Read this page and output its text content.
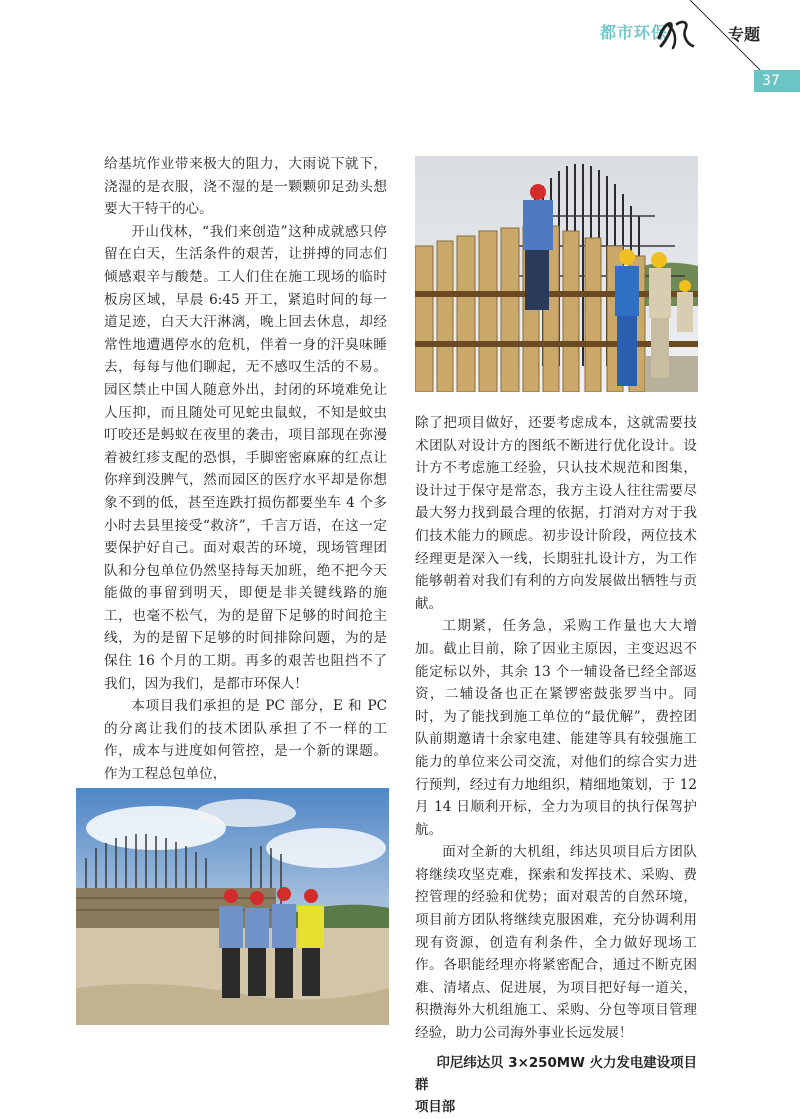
都市环保	专题
37

给基坑作业带来极大的阻力，大雨说下就下，浇湿的是衣服，浇不湿的是一颗颗卯足劲头想要大干特干的心。

开山伐林，“我们来创造”这种成就感只停留在白天，生活条件的艰苦，让拼搏的同志们倾感艰辛与酸楚。工人们住在施工现场的临时板房区域，早晨 6:45 开工，紧追时间的每一道足迹，白天大汗淋漓，晚上回去休息，却经常性地遭遇停水的危机，伴着一身的汗臭味睡去，每每与他们聊起，无不感叹生活的不易。园区禁止中国人随意外出，封闭的环境难免让人压抑，而且随处可见蛇虫鼠蚁，不知是蚊虫叮咬还是蚂蚁在夜里的袭击，项目部现在弥漫着被红疹支配的恐惧，手脚密密麻麻的红点让你痒到没脾气，然而园区的医疗水平却是你想象不到的低，甚至连跌打损伤都要坐车 4 个多小时去县里接受“救济”，千言万语，在这一定要保护好自己。面对艰苦的环境，现场管理团队和分包单位仍然坚持每天加班，绝不把今天能做的事留到明天，即便是非关键线路的施工，也毫不松气，为的是留下足够的时间抢主线，为的是留下足够的时间排除问题，为的是保住 16 个月的工期。再多的艰苦也阻挡不了我们，因为我们，是都市环保人！

本项目我们承担的是 PC 部分，E 和 PC 的分离让我们的技术团队承担了不一样的工作，成本与进度如何管控，是一个新的课题。作为工程总包单位，

除了把项目做好，还要考虑成本，这就需要技术团队对设计方的图纸不断进行优化设计。设计方不考虑施工经验，只认技术规范和图集，设计过于保守是常态，我方主设人往往需要尽最大努力找到最合理的依据，打消对方对于我们技术能力的顾虑。初步设计阶段，两位技术经理更是深入一线，长期驻扎设计方，为工作能够朝着对我们有利的方向发展做出牺牲与贡献。

工期紧，任务急，采购工作量也大大增加。截止目前，除了因业主原因，主变迟迟不能定标以外，其余 13 个一辅设备已经全部返资，二辅设备也正在紧锣密鼓张罗当中。同时，为了能找到施工单位的“最优解”，费控团队前期邀请十余家电建、能建等具有较强施工能力的单位来公司交流，对他们的综合实力进行预判，经过有力地组织，精细地策划，于 12 月 14 日顺利开标，全力为项目的执行保驾护航。

面对全新的大机组，纬达贝项目后方团队将继续攻坚克难，探索和发挥技术、采购、费控管理的经验和优势；面对艰苦的自然环境，项目前方团队将继续克服困难，充分协调利用现有资源，创造有利条件，全力做好现场工作。各职能经理亦将紧密配合，通过不断克困难、清堵点、促进展，为项目把好每一道关，积攒海外大机组施工、采购、分包等项目管理经验，助力公司海外事业长远发展！

印尼纬达贝 3×250MW 火力发电建设项目群
项目部
